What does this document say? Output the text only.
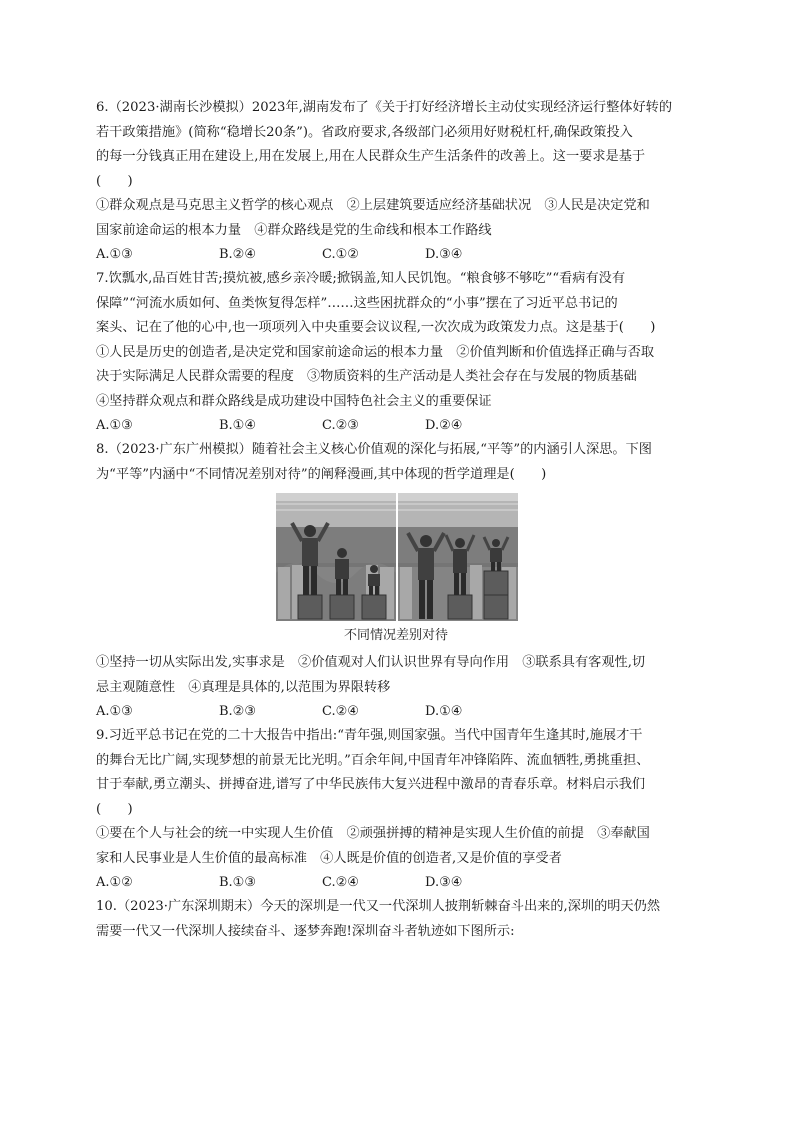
6.（2023·湖南长沙模拟）2023年,湖南发布了《关于打好经济增长主动仗实现经济运行整体好转的
若干政策措施》(简称“稳增长20条”)。省政府要求,各级部门必须用好财税杠杆,确保政策投入
的每一分钱真正用在建设上,用在发展上,用在人民群众生产生活条件的改善上。这一要求是基于
(　　)
①群众观点是马克思主义哲学的核心观点　②上层建筑要适应经济基础状况　③人民是决定党和
国家前途命运的根本力量　④群众路线是党的生命线和根本工作路线
A.①③	B.②④	C.①②	D.③④
7.饮瓢水,品百姓甘苦;摸炕被,感乡亲冷暖;掀锅盖,知人民饥饱。“粮食够不够吃”“看病有没有
保障”“河流水质如何、鱼类恢复得怎样”……这些困扰群众的“小事”摆在了习近平总书记的
案头、记在了他的心中,也一项项列入中央重要会议议程,一次次成为政策发力点。这是基于(　　)
①人民是历史的创造者,是决定党和国家前途命运的根本力量　②价值判断和价值选择正确与否取
决于实际满足人民群众需要的程度　③物质资料的生产活动是人类社会存在与发展的物质基础
④坚持群众观点和群众路线是成功建设中国特色社会主义的重要保证
A.①③	B.①④	C.②③	D.②④
8.（2023·广东广州模拟）随着社会主义核心价值观的深化与拓展,“平等”的内涵引人深思。下图
为“平等”内涵中“不同情况差别对待”的阐释漫画,其中体现的哲学道理是(　　)
不同情况差别对待
①坚持一切从实际出发,实事求是　②价值观对人们认识世界有导向作用　③联系具有客观性,切
忌主观随意性　④真理是具体的,以范围为界限转移
A.①③	B.②③	C.②④	D.①④
9.习近平总书记在党的二十大报告中指出:“青年强,则国家强。当代中国青年生逢其时,施展才干
的舞台无比广阔,实现梦想的前景无比光明。”百余年间,中国青年冲锋陷阵、流血牺牲,勇挑重担、
甘于奉献,勇立潮头、拼搏奋进,谱写了中华民族伟大复兴进程中激昂的青春乐章。材料启示我们
(　　)
①要在个人与社会的统一中实现人生价值　②顽强拼搏的精神是实现人生价值的前提　③奉献国
家和人民事业是人生价值的最高标准　④人既是价值的创造者,又是价值的享受者
A.①②	B.①③	C.②④	D.③④
10.（2023·广东深圳期末）今天的深圳是一代又一代深圳人披荆斩棘奋斗出来的,深圳的明天仍然
需要一代又一代深圳人接续奋斗、逐梦奔跑!深圳奋斗者轨迹如下图所示:
